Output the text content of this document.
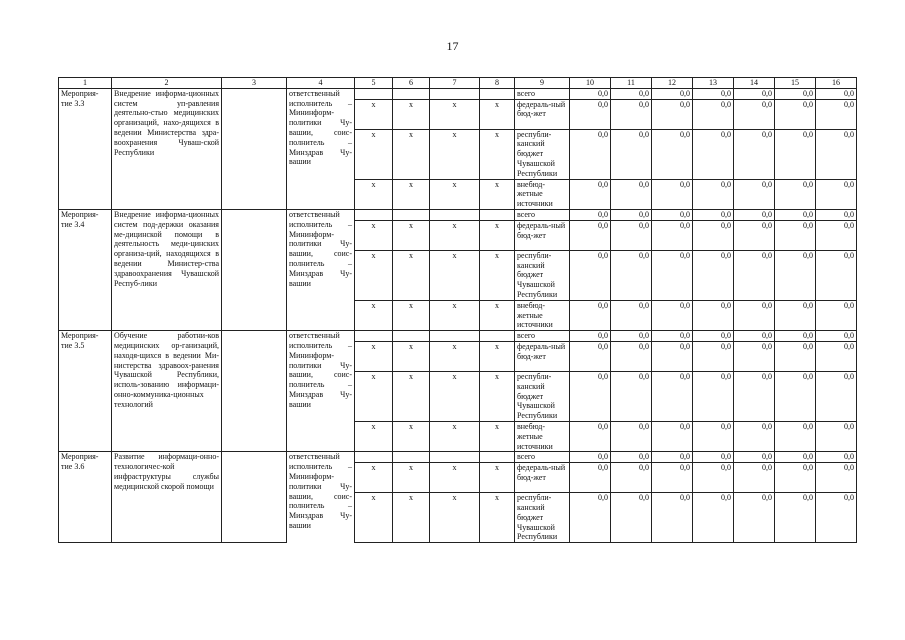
17
1	2	3	4	5	6	7	8	9	10	11	12	13	14	15	16
Мероприя-тие 3.3	Внедрение информа-ционных систем уп-равления деятельно-стью медицинских организаций, нахо-дящихся в ведении Министерства здра-воохранения Чуваш-ской Республики		ответственный исполнитель – Мининформ-политики Чу-вашии, соис-полнитель – Минздрав Чу-вашии					всего	0,0	0,0	0,0	0,0	0,0	0,0	0,0
				x	x	x	x	федераль-ный бюд-жет	0,0	0,0	0,0	0,0	0,0	0,0	0,0
				x	x	x	x	республи-канский бюджет Чувашской Республики	0,0	0,0	0,0	0,0	0,0	0,0	0,0
				x	x	x	x	внебюд-жетные источники	0,0	0,0	0,0	0,0	0,0	0,0	0,0
Мероприя-тие 3.4	Внедрение информа-ционных систем под-держки оказания ме-дицинской помощи в деятельность меди-цинских организа-ций, находящихся в ведении Министер-ства здравоохранения Чувашской Респуб-лики		ответственный исполнитель – Мининформ-политики Чу-вашии, соис-полнитель – Минздрав Чу-вашии					всего	0,0	0,0	0,0	0,0	0,0	0,0	0,0
				x	x	x	x	федераль-ный бюд-жет	0,0	0,0	0,0	0,0	0,0	0,0	0,0
				x	x	x	x	республи-канский бюджет Чувашской Республики	0,0	0,0	0,0	0,0	0,0	0,0	0,0
				x	x	x	x	внебюд-жетные источники	0,0	0,0	0,0	0,0	0,0	0,0	0,0
Мероприя-тие 3.5	Обучение работни-ков медицинских ор-ганизаций, находя-щихся в ведении Ми-нистерства здравоох-ранения Чувашской Республики, исполь-зованию информаци-онно-коммуника-ционных технологий		ответственный исполнитель – Мининформ-политики Чу-вашии, соис-полнитель – Минздрав Чу-вашии					всего	0,0	0,0	0,0	0,0	0,0	0,0	0,0
				x	x	x	x	федераль-ный бюд-жет	0,0	0,0	0,0	0,0	0,0	0,0	0,0
				x	x	x	x	республи-канский бюджет Чувашской Республики	0,0	0,0	0,0	0,0	0,0	0,0	0,0
				x	x	x	x	внебюд-жетные источники	0,0	0,0	0,0	0,0	0,0	0,0	0,0
Мероприя-тие 3.6	Развитие информаци-онно-технологичес-кой инфраструктуры службы медицинской скорой помощи		ответственный исполнитель – Мининформ-политики Чу-вашии, соис-полнитель – Минздрав Чу-вашии					всего	0,0	0,0	0,0	0,0	0,0	0,0	0,0
				x	x	x	x	федераль-ный бюд-жет	0,0	0,0	0,0	0,0	0,0	0,0	0,0
				x	x	x	x	республи-канский бюджет Чувашской Республики	0,0	0,0	0,0	0,0	0,0	0,0	0,0
